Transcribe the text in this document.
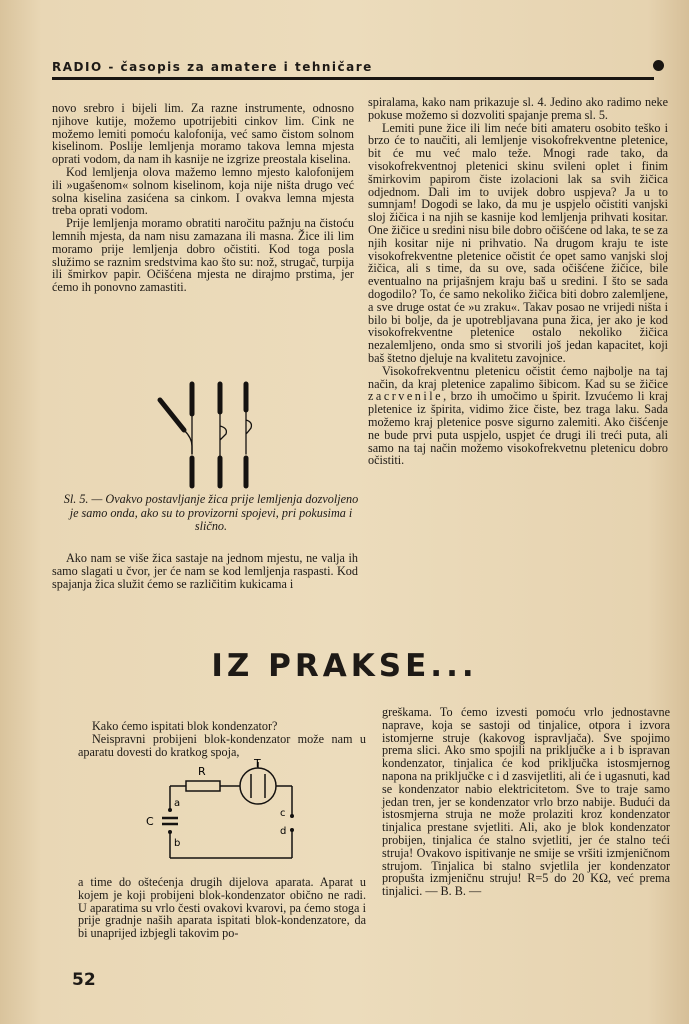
RADIO - časopis za amatere i tehničare

novo srebro i bijeli lim. Za razne instrumente, odnosno njihove kutije, možemo upotrijebiti cinkov lim. Cink ne možemo lemiti pomoću kalofonija, već samo čistom solnom kiselinom. Poslije lemljenja moramo takova lemna mjesta oprati vodom, da nam ih kasnije ne izgrize preostala kiselina.

Kod lemljenja olova mažemo lemno mjesto kalofonijem ili »ugašenom« solnom kiselinom, koja nije ništa drugo već solna kiselina zasićena sa cinkom. I ovakva lemna mjesta treba oprati vodom.

Prije lemljenja moramo obratiti naročitu pažnju na čistoću lemnih mjesta, da nam nisu zamazana ili masna. Žice ili lim moramo prije lemljenja dobro očistiti. Kod toga posla služimo se raznim sredstvima kao što su: nož, strugač, turpija ili šmirkov papir. Očišćena mjesta ne dirajmo prstima, jer ćemo ih ponovno zamastiti.

Sl. 5. — Ovakvo postavljanje žica prije lemljenja dozvoljeno je samo onda, ako su to provizorni spojevi, pri pokusima i slično.

Ako nam se više žica sastaje na jednom mjestu, ne valja ih samo slagati u čvor, jer će nam se kod lemljenja raspasti. Kod spajanja žica služit ćemo se različitim kukicama i

spiralama, kako nam prikazuje sl. 4. Jedino ako radimo neke pokuse možemo si dozvoliti spajanje prema sl. 5.

Lemiti pune žice ili lim neće biti amateru osobito teško i brzo će to naučiti, ali lemljenje visokofrekventne pletenice, bit će mu već malo teže. Mnogi rade tako, da visokofrekventnoj pletenici skinu svileni oplet i finim šmirkovim papirom čiste izolacioni lak sa svih žičica odjednom. Dali im to uvijek dobro uspjeva? Ja u to sumnjam! Dogodi se lako, da mu je uspjelo očistiti vanjski sloj žičica i na njih se kasnije kod lemljenja prihvati kositar. One žičice u sredini nisu bile dobro očišćene od laka, te se za njih kositar nije ni prihvatio. Na drugom kraju te iste visokofrekventne pletenice očistit će opet samo vanjski sloj žičica, ali s time, da su ove, sada očišćene žičice, bile eventualno na prijašnjem kraju baš u sredini. I što se sada dogodilo? To, će samo nekoliko žičica biti dobro zalemljene, a sve druge ostat će »u zraku«. Takav posao ne vrijedi ništa i bilo bi bolje, da je upotrebljavana puna žica, jer ako je kod visokofrekventne pletenice ostalo nekoliko žičica nezalemljeno, onda smo si stvorili još jedan kapacitet, koji baš štetno djeluje na kvalitetu zavojnice.

Visokofrekventnu pletenicu očistit ćemo najbolje na taj način, da kraj pletenice zapalimo šibicom. Kad su se žičice zacrvenile, brzo ih umočimo u špirit. Izvućemo li kraj pletenice iz špirita, vidimo žice čiste, bez traga laku. Sada možemo kraj pletenice posve sigurno zalemiti. Ako čišćenje ne bude prvi puta uspjelo, uspjet će drugi ili treći puta, ali samo na taj način možemo visokofrekvetnu pletenicu dobro očistiti.

IZ PRAKSE...

Kako ćemo ispitati blok kondenzator?

Neispravni probijeni blok-kondenzator može nam u aparatu dovesti do kratkog spoja,

R
T
a
b
C
c
d

a time do oštećenja drugih dijelova aparata. Aparat u kojem je koji probijeni blok-kondenzator obično ne radi. U aparatima su vrlo česti ovakovi kvarovi, pa ćemo stoga i prije gradnje naših aparata ispitati blok-kondenzatore, da bi unaprijed izbjegli takovim po-

greškama. To ćemo izvesti pomoću vrlo jednostavne naprave, koja se sastoji od tinjalice, otpora i izvora istomjerne struje (kakovog ispravljača). Sve spojimo prema slici. Ako smo spojili na priključke a i b ispravan kondenzator, tinjalica će kod priključka istosmjernog napona na priključke c i d zasvijetliti, ali će i ugasnuti, kad se kondenzator nabio elektricitetom. Sve to traje samo jedan tren, jer se kondenzator vrlo brzo nabije. Budući da istosmjerna struja ne može prolaziti kroz kondenzator tinjalica prestane svjetliti. Ali, ako je blok kondenzator probijen, tinjalica će stalno svjetliti, jer će stalno teći struja! Ovakovo ispitivanje ne smije se vršiti izmjeničnom strujom. Tinjalica bi stalno svjetlila jer kondenzator propušta izmjeničnu struju! R=5 do 20 KΩ, već prema tinjalici. — B. B. —

52
